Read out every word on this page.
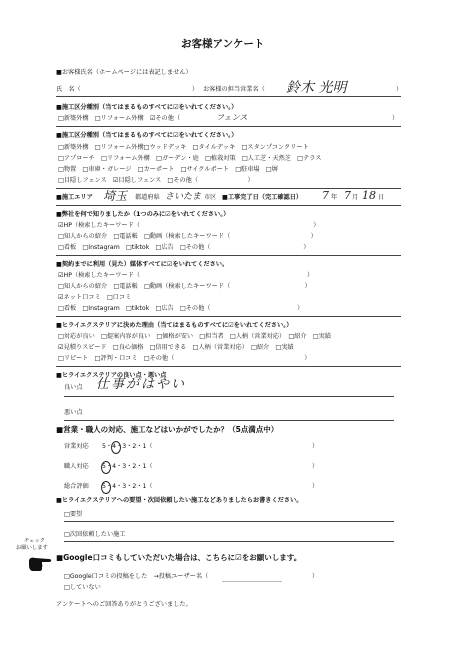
お客様アンケート
■お客様氏名（ホームページには表記しません）
氏　名（	） お客様の担当営業名（ 鈴木 光明	）
■施工区分種別（当てはまるものすべてに☑をいれてください。）
□新築外構　□リフォーム外構　☑その他（	フェンス	）
■施工区分種別（当てはまるものすべてに☑をいれてください。）
□新築外構　□リフォーム外構□ウッドデッキ　□タイルデッキ　□スタンプコンクリート
□アプローチ　□リフォーム外構　□ガーデン・庭　□植栽対策　□人工芝・天然芝　□テラス
□物置　□車庫・ガレージ　□カーポート　□サイクルポート　□駐車場　□塀
□目隠しフェンス　☑目隠しフェンス　□その他（　　　　　　　　）
■施工エリア 埼玉 都道府県 さいたま 市区 ■工事完了日（完工確認日） 7 年 7 月 18 日
■弊社を何で知りましたか（1つのみに☑をいれてください。）
☑HP（検索したキーワード（　　　　　　　　　　　　　　　　　　　　　　　　　　　　）
□知人からの紹介　□電話帳　□動画（検索したキーワード（　　　　　　　　　　　　　）
□看板　□Instagram　□tiktok　□広告　□その他（　　　　　　　　　　　　　　　）
■契約までに利用（見た）媒体すべてに☑をいれてください。
☑HP（検索したキーワード（　　　　　　　　　　　　　　　　　　　　　　　　　　　）
□知人からの紹介　□電話帳　□動画（検索したキーワード（　　　　　　　　　　　　）
☑ネット口コミ　□口コミ
□看板　□Instagram　□tiktok　□広告　□その他（　　　　　　　　　　　　　　）
■ヒライエクステリアに決めた理由（当てはまるものすべてに☑をいれてください。）
□対応が良い　□提案内容が良い　□価格が安い　□担当者　□人柄（営業対応）　□紹介　□実績
☑見積りスピード　□良心価格　□信用できる　□人柄（営業対応）　□紹介　□実績
□リピート　□評判・口コミ　□その他（　　　　　　　　　　　　　　　　　　　　　）
■ヒライエクステリアの良い点・悪い点
良い点 仕事がはやい
悪い点
■営業・職人の対応、施工などはいかがでしたか？（5点満点中）
営業対応 5・4・3・2・1（	）
職人対応 5・4・3・2・1（	）
総合評価 5・4・3・2・1（	）
■ヒライエクステリアへの要望・次回依頼したい施工などありましたらお書きください。
□要望
□次回依頼したい施工
チェック
お願いします
■Google口コミもしていただいた場合は、こちらに☑をお願いします。
□Google口コミの投稿をした　→投稿ユーザー名（	）
□していない
アンケートへのご回答ありがとうございました。
